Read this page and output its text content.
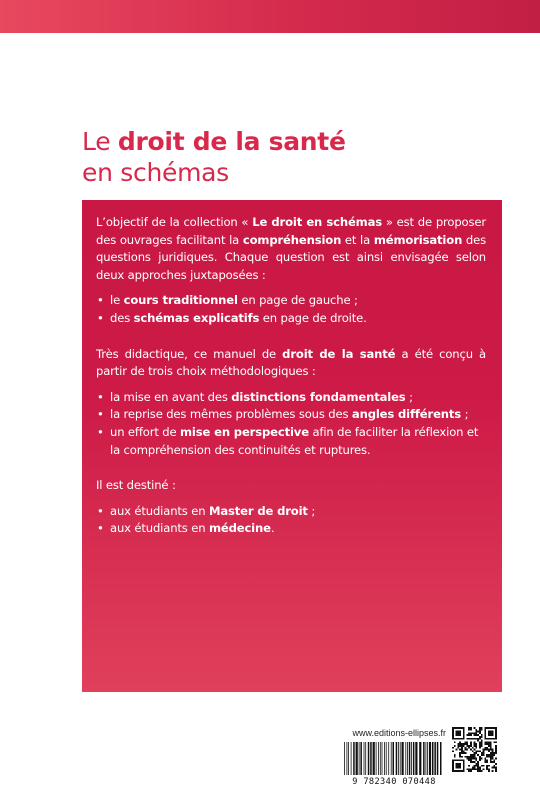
Le droit de la santé
en schémas

L’objectif de la collection « Le droit en schémas » est de proposer des ouvrages facilitant la compréhension et la mémorisation des questions juridiques. Chaque question est ainsi envisagée selon deux approches juxtaposées :

• le cours traditionnel en page de gauche ;
• des schémas explicatifs en page de droite.

Très didactique, ce manuel de droit de la santé a été conçu à partir de trois choix méthodologiques :

• la mise en avant des distinctions fondamentales ;
• la reprise des mêmes problèmes sous des angles différents ;
• un effort de mise en perspective afin de faciliter la réflexion et la compréhension des continuités et ruptures.

Il est destiné :

• aux étudiants en Master de droit ;
• aux étudiants en médecine.
www.editions-ellipses.fr
9 782340 070448
